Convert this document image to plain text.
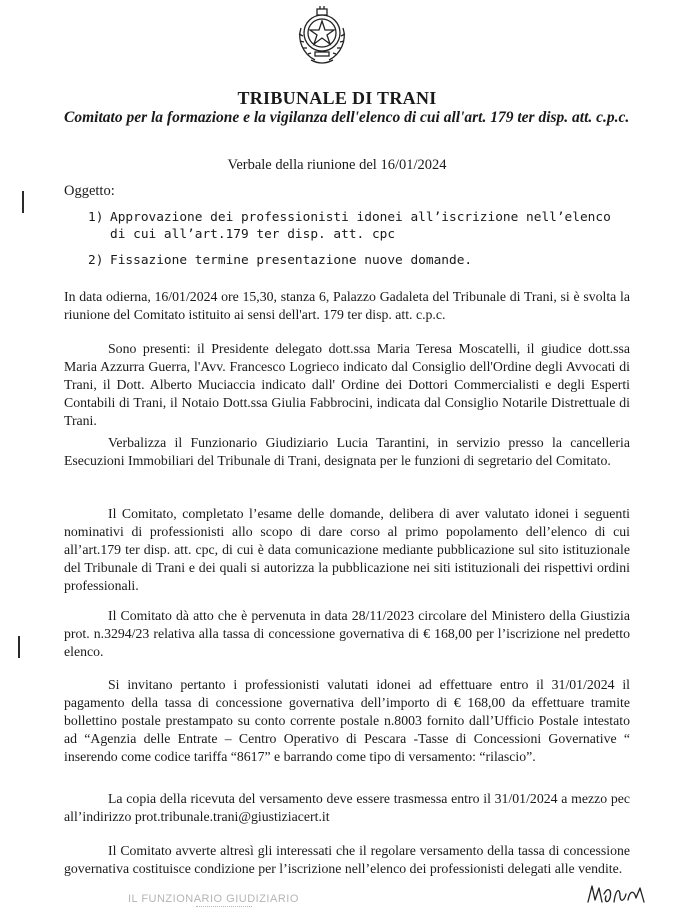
TRIBUNALE DI TRANI
Comitato per la formazione e la vigilanza dell'elenco di cui all'art. 179 ter disp. att. c.p.c.
Verbale della riunione del 16/01/2024
Oggetto:
1) Approvazione dei professionisti idonei all’iscrizione nell’elenco di cui all’art.179 ter disp. att. cpc
2) Fissazione termine presentazione nuove domande.
In data odierna, 16/01/2024 ore 15,30, stanza 6, Palazzo Gadaleta del Tribunale di Trani, si è svolta la riunione del Comitato istituito ai sensi dell'art. 179 ter disp. att. c.p.c.
Sono presenti: il Presidente delegato dott.ssa Maria Teresa Moscatelli, il giudice dott.ssa Maria Azzurra Guerra, l'Avv. Francesco Logrieco indicato dal Consiglio dell'Ordine degli Avvocati di Trani, il Dott. Alberto Muciaccia indicato dall' Ordine dei Dottori Commercialisti e degli Esperti Contabili di Trani, il Notaio Dott.ssa Giulia Fabbrocini, indicata dal Consiglio Notarile Distrettuale di Trani.
Verbalizza il Funzionario Giudiziario Lucia Tarantini, in servizio presso la cancelleria Esecuzioni Immobiliari del Tribunale di Trani, designata per le funzioni di segretario del Comitato.
Il Comitato, completato l’esame delle domande, delibera di aver valutato idonei i seguenti nominativi di professionisti allo scopo di dare corso al primo popolamento dell’elenco di cui all’art.179 ter disp. att. cpc, di cui è data comunicazione mediante pubblicazione sul sito istituzionale del Tribunale di Trani e dei quali si autorizza la pubblicazione nei siti istituzionali dei rispettivi ordini professionali.
Il Comitato dà atto che è pervenuta in data 28/11/2023 circolare del Ministero della Giustizia prot. n.3294/23 relativa alla tassa di concessione governativa di € 168,00 per l’iscrizione nel predetto elenco.
Si invitano pertanto i professionisti valutati idonei ad effettuare entro il 31/01/2024 il pagamento della tassa di concessione governativa dell’importo di € 168,00 da effettuare tramite bollettino postale prestampato su conto corrente postale n.8003 fornito dall’Ufficio Postale intestato ad “Agenzia delle Entrate – Centro Operativo di Pescara -Tasse di Concessioni Governative “ inserendo come codice tariffa “8617” e barrando come tipo di versamento: “rilascio”.
La copia della ricevuta del versamento deve essere trasmessa entro il 31/01/2024 a mezzo pec all’indirizzo prot.tribunale.trani@giustiziacert.it
Il Comitato avverte altresì gli interessati che il regolare versamento della tassa di concessione governativa costituisce condizione per l’iscrizione nell’elenco dei professionisti delegati alle vendite.
IL FUNZIONARIO GIUDIZIARIO
